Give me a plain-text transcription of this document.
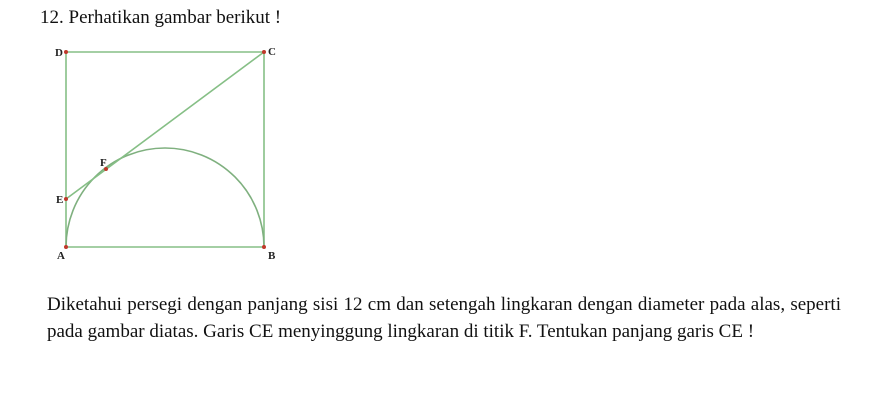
12. Perhatikan gambar berikut !
D	C
F
E
A	B
Diketahui persegi dengan panjang sisi 12 cm dan setengah lingkaran dengan diameter pada alas, seperti pada gambar diatas. Garis CE menyinggung lingkaran di titik F. Tentukan panjang garis CE !
